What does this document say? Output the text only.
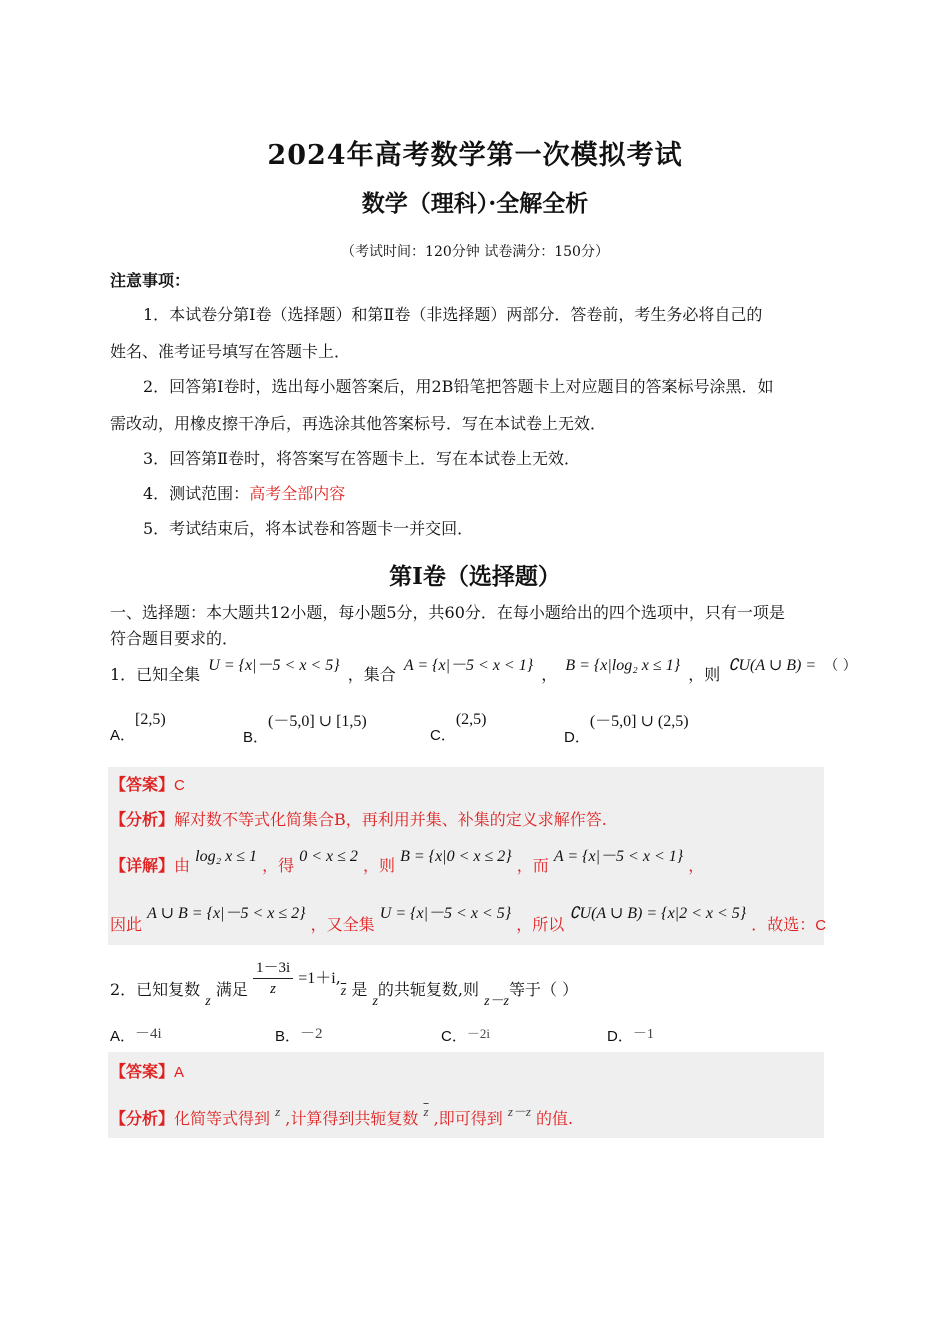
2024年高考数学第一次模拟考试
数学（理科）·全解全析
（考试时间：120分钟 试卷满分：150分）
注意事项：
1．本试卷分第Ⅰ卷（选择题）和第Ⅱ卷（非选择题）两部分．答卷前，考生务必将自己的
姓名、准考证号填写在答题卡上．
2．回答第Ⅰ卷时，选出每小题答案后，用2B铅笔把答题卡上对应题目的答案标号涂黑．如
需改动，用橡皮擦干净后，再选涂其他答案标号．写在本试卷上无效．
3．回答第Ⅱ卷时，将答案写在答题卡上．写在本试卷上无效．
4．测试范围：高考全部内容
5．考试结束后，将本试卷和答题卡一并交回．
第Ⅰ卷（选择题）
一、选择题：本大题共12小题，每小题5分，共60分．在每小题给出的四个选项中，只有一项是
符合题目要求的．
1．已知全集 U = {x|－5 < x < 5} ，集合 A = {x|－5 < x < 1} ， B = {x|log₂ x ≤ 1} ，则 ∁U(A ∪ B) = （ ）
A．[2,5)
B．(－5,0] ∪ [1,5)
C．(2,5)
D．(－5,0] ∪ (2,5)
【答案】C
【分析】解对数不等式化简集合B，再利用并集、补集的定义求解作答.
【详解】由 log₂ x ≤ 1 ，得 0 < x ≤ 2 ，则 B = {x|0 < x ≤ 2} ，而 A = {x|－5 < x < 1} ，
因此 A ∪ B = {x|－5 < x ≤ 2} ，又全集 U = {x|－5 < x < 5} ，所以 ∁U(A ∪ B) = {x|2 < x < 5} ．故选：C
2．已知复数 z 满足 $\frac{1-3i}{z} =1+i,\overline{z}$ 是 z的共轭复数,则 z－z等于（ ）
A．－4i	B．－2	C．－2i	D．－1
【答案】A
【分析】化简等式得到 z ,计算得到共轭复数 $\overline{z}$ ,即可得到 z－z 的值.
